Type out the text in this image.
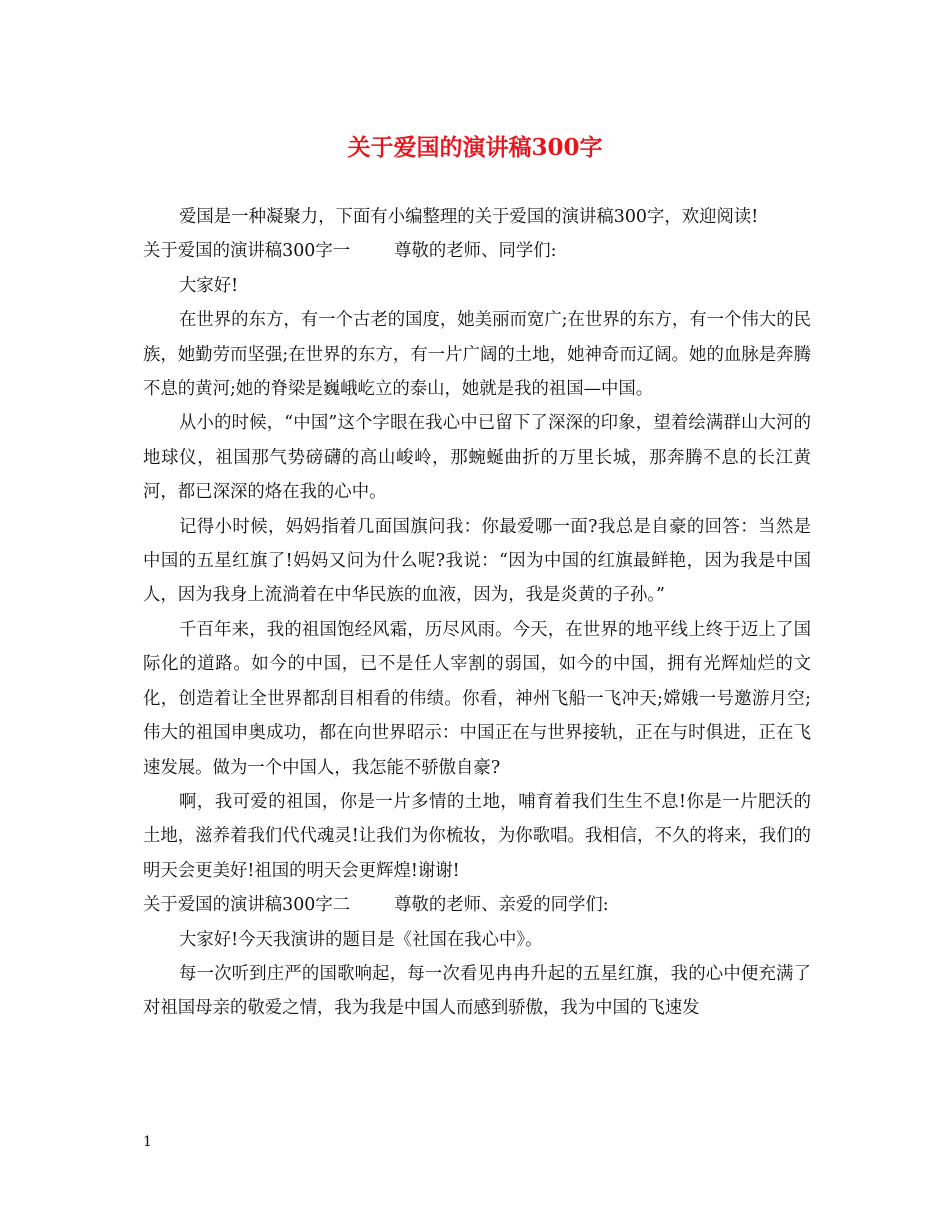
关于爱国的演讲稿300字

爱国是一种凝聚力，下面有小编整理的关于爱国的演讲稿300字，欢迎阅读!

关于爱国的演讲稿300字一	尊敬的老师、同学们:

大家好!

在世界的东方，有一个古老的国度，她美丽而宽广;在世界的东方，有一个伟大的民族，她勤劳而坚强;在世界的东方，有一片广阔的土地，她神奇而辽阔。她的血脉是奔腾不息的黄河;她的脊梁是巍峨屹立的泰山，她就是我的祖国—中国。

从小的时候，“中国”这个字眼在我心中已留下了深深的印象，望着绘满群山大河的地球仪，祖国那气势磅礴的高山峻岭，那蜿蜒曲折的万里长城，那奔腾不息的长江黄河，都已深深的烙在我的心中。

记得小时候，妈妈指着几面国旗问我：你最爱哪一面?我总是自豪的回答：当然是中国的五星红旗了!妈妈又问为什么呢?我说：“因为中国的红旗最鲜艳，因为我是中国人，因为我身上流淌着在中华民族的血液，因为，我是炎黄的子孙。”

千百年来，我的祖国饱经风霜，历尽风雨。今天，在世界的地平线上终于迈上了国际化的道路。如今的中国，已不是任人宰割的弱国，如今的中国，拥有光辉灿烂的文化，创造着让全世界都刮目相看的伟绩。你看，神州飞船一飞冲天;嫦娥一号邀游月空;伟大的祖国申奥成功，都在向世界昭示：中国正在与世界接轨，正在与时俱进，正在飞速发展。做为一个中国人，我怎能不骄傲自豪?

啊，我可爱的祖国，你是一片多情的土地，哺育着我们生生不息!你是一片肥沃的土地，滋养着我们代代魂灵!让我们为你梳妆，为你歌唱。我相信，不久的将来，我们的明天会更美好!祖国的明天会更辉煌!谢谢!

关于爱国的演讲稿300字二	尊敬的老师、亲爱的同学们:

大家好!今天我演讲的题目是《社国在我心中》。

每一次听到庄严的国歌响起，每一次看见冉冉升起的五星红旗，我的心中便充满了对祖国母亲的敬爱之情，我为我是中国人而感到骄傲，我为中国的飞速发

1
